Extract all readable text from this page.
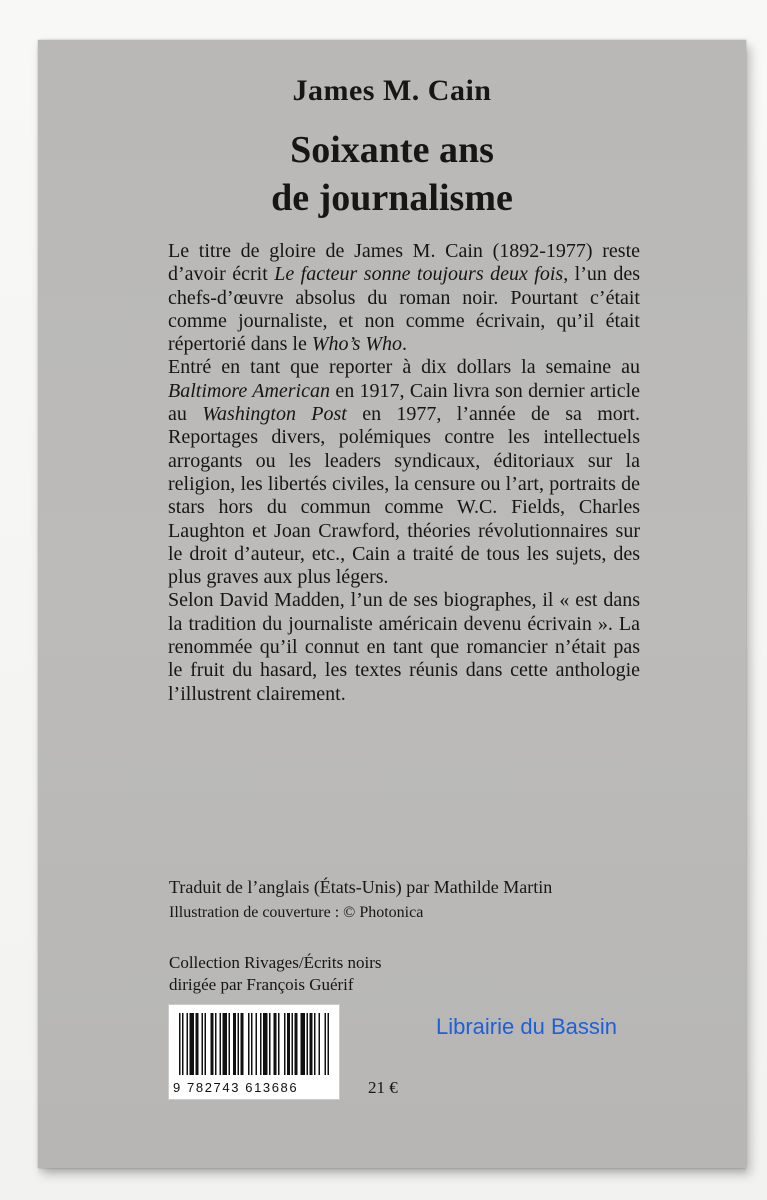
James M. Cain
Soixante ans
de journalisme

Le titre de gloire de James M. Cain (1892-1977) reste d’avoir écrit Le facteur sonne toujours deux fois, l’un des chefs-d’œuvre absolus du roman noir. Pourtant c’était comme journaliste, et non comme écrivain, qu’il était répertorié dans le Who’s Who.

Entré en tant que reporter à dix dollars la semaine au Baltimore American en 1917, Cain livra son dernier article au Washington Post en 1977, l’année de sa mort. Reportages divers, polémiques contre les intellectuels arrogants ou les leaders syndicaux, éditoriaux sur la religion, les libertés civiles, la censure ou l’art, portraits de stars hors du commun comme W.C. Fields, Charles Laughton et Joan Crawford, théories révolutionnaires sur le droit d’auteur, etc., Cain a traité de tous les sujets, des plus graves aux plus légers.

Selon David Madden, l’un de ses biographes, il « est dans la tradition du journaliste américain devenu écrivain ». La renommée qu’il connut en tant que romancier n’était pas le fruit du hasard, les textes réunis dans cette anthologie l’illustrent clairement.

Traduit de l’anglais (États-Unis) par Mathilde Martin
Illustration de couverture : © Photonica
Collection Rivages/Écrits noirs
dirigée par François Guérif
9 782743 613686	21 €
Librairie du Bassin
